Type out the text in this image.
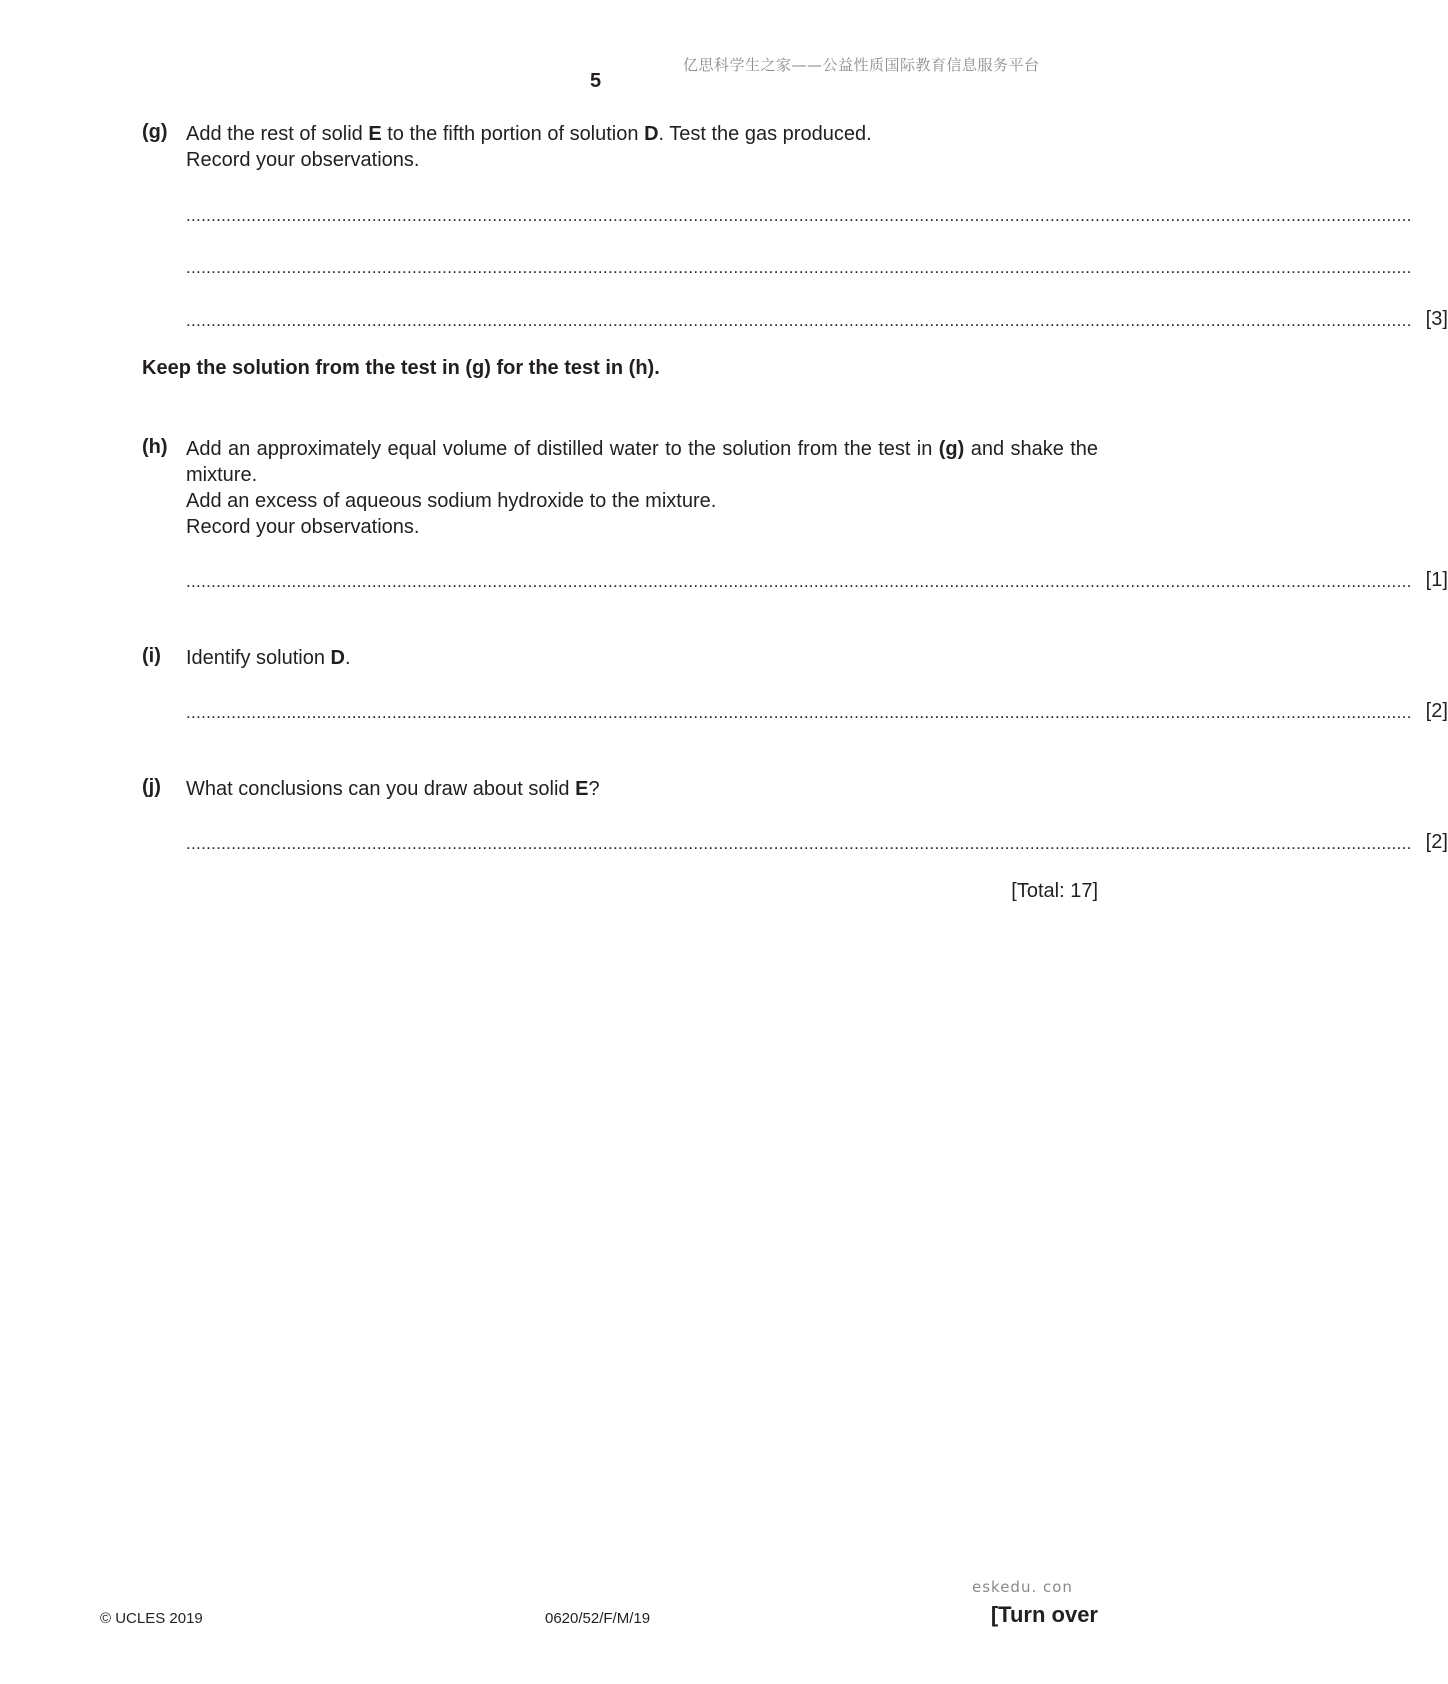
亿思科学生之家——公益性质国际教育信息服务平台
5
(g) Add the rest of solid E to the fifth portion of solution D. Test the gas produced.
Record your observations.
....................................................................................................................................................................................................................................................
....................................................................................................................................................................................................................................................
.................................................................................................................................................................................................................................................... [3]
Keep the solution from the test in (g) for the test in (h).
(h) Add an approximately equal volume of distilled water to the solution from the test in (g) and shake the mixture.
Add an excess of aqueous sodium hydroxide to the mixture.
Record your observations.
.................................................................................................................................................................................................................................................... [1]
(i) Identify solution D.
.................................................................................................................................................................................................................................................... [2]
(j) What conclusions can you draw about solid E?
.................................................................................................................................................................................................................................................... [2]
[Total: 17]
eskedu. con
© UCLES 2019	0620/52/F/M/19	[Turn over
